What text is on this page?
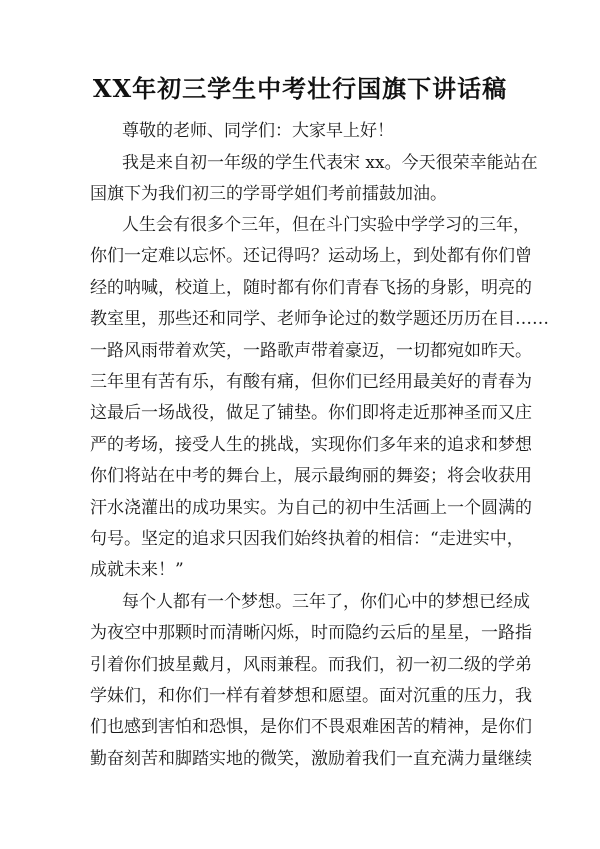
XX年初三学生中考壮行国旗下讲话稿
尊敬的老师、同学们：大家早上好！
我是来自初一年级的学生代表宋 xx。今天很荣幸能站在
国旗下为我们初三的学哥学姐们考前擂鼓加油。
人生会有很多个三年，但在斗门实验中学学习的三年，
你们一定难以忘怀。还记得吗？运动场上，到处都有你们曾
经的呐喊，校道上，随时都有你们青春飞扬的身影，明亮的
教室里，那些还和同学、老师争论过的数学题还历历在目……
一路风雨带着欢笑，一路歌声带着豪迈，一切都宛如昨天。
三年里有苦有乐，有酸有痛，但你们已经用最美好的青春为
这最后一场战役，做足了铺垫。你们即将走近那神圣而又庄
严的考场，接受人生的挑战，实现你们多年来的追求和梦想
你们将站在中考的舞台上，展示最绚丽的舞姿；将会收获用
汗水浇灌出的成功果实。为自己的初中生活画上一个圆满的
句号。坚定的追求只因我们始终执着的相信：“走进实中，
成就未来！”
每个人都有一个梦想。三年了，你们心中的梦想已经成
为夜空中那颗时而清晰闪烁，时而隐约云后的星星，一路指
引着你们披星戴月，风雨兼程。而我们，初一初二级的学弟
学妹们，和你们一样有着梦想和愿望。面对沉重的压力，我
们也感到害怕和恐惧，是你们不畏艰难困苦的精神，是你们
勤奋刻苦和脚踏实地的微笑，激励着我们一直充满力量继续
